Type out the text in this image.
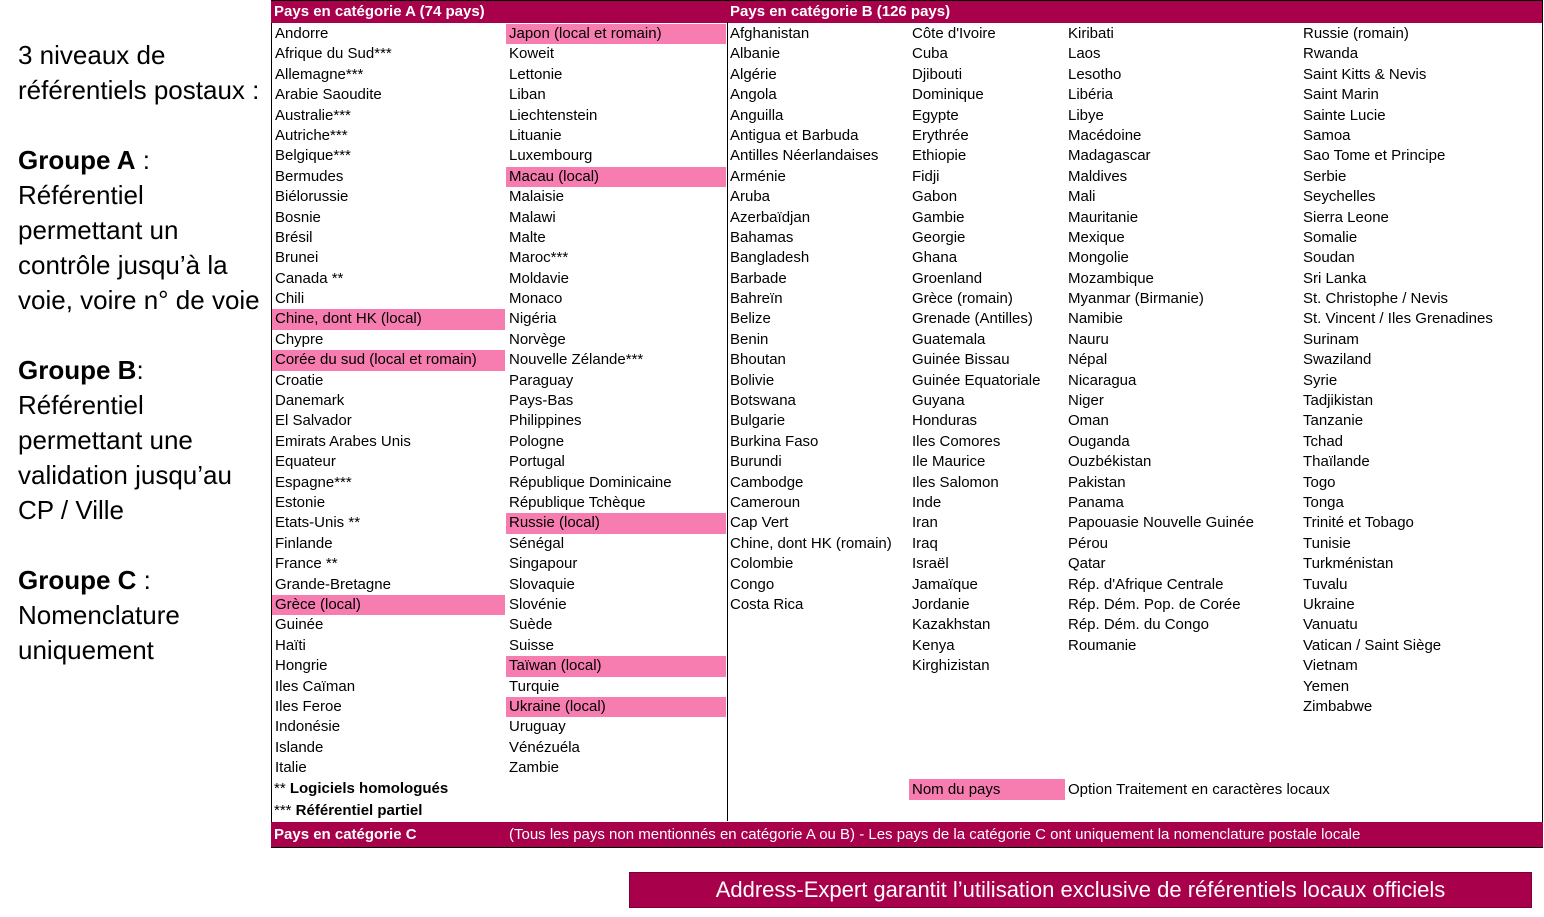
3 niveaux de référentiels postaux :
Groupe A : Référentiel permettant un contrôle jusqu’à la voie, voire n° de voie
Groupe B: Référentiel permettant une validation jusqu’au CP / Ville
Groupe C : Nomenclature uniquement
Pays en catégorie A (74 pays)	Pays en catégorie B (126 pays)
Andorre
Afrique du Sud***
Allemagne***
Arabie Saoudite
Australie***
Autriche***
Belgique***
Bermudes
Biélorussie
Bosnie
Brésil
Brunei
Canada **
Chili
Chine, dont HK (local)
Chypre
Corée du sud (local et romain)
Croatie
Danemark
El Salvador
Emirats Arabes Unis
Equateur
Espagne***
Estonie
Etats-Unis **
Finlande
France **
Grande-Bretagne
Grèce (local)
Guinée
Haïti
Hongrie
Iles Caïman
Iles Feroe
Indonésie
Islande
Italie
Japon (local et romain)
Koweit
Lettonie
Liban
Liechtenstein
Lituanie
Luxembourg
Macau (local)
Malaisie
Malawi
Malte
Maroc***
Moldavie
Monaco
Nigéria
Norvège
Nouvelle Zélande***
Paraguay
Pays-Bas
Philippines
Pologne
Portugal
République Dominicaine
République Tchèque
Russie (local)
Sénégal
Singapour
Slovaquie
Slovénie
Suède
Suisse
Taïwan (local)
Turquie
Ukraine (local)
Uruguay
Vénézuéla
Zambie
Afghanistan
Albanie
Algérie
Angola
Anguilla
Antigua et Barbuda
Antilles Néerlandaises
Arménie
Aruba
Azerbaïdjan
Bahamas
Bangladesh
Barbade
Bahreïn
Belize
Benin
Bhoutan
Bolivie
Botswana
Bulgarie
Burkina Faso
Burundi
Cambodge
Cameroun
Cap Vert
Chine, dont HK (romain)
Colombie
Congo
Costa Rica
Côte d'Ivoire
Cuba
Djibouti
Dominique
Egypte
Erythrée
Ethiopie
Fidji
Gabon
Gambie
Georgie
Ghana
Groenland
Grèce (romain)
Grenade (Antilles)
Guatemala
Guinée Bissau
Guinée Equatoriale
Guyana
Honduras
Iles Comores
Ile Maurice
Iles Salomon
Inde
Iran
Iraq
Israël
Jamaïque
Jordanie
Kazakhstan
Kenya
Kirghizistan
Kiribati
Laos
Lesotho
Libéria
Libye
Macédoine
Madagascar
Maldives
Mali
Mauritanie
Mexique
Mongolie
Mozambique
Myanmar (Birmanie)
Namibie
Nauru
Népal
Nicaragua
Niger
Oman
Ouganda
Ouzbékistan
Pakistan
Panama
Papouasie Nouvelle Guinée
Pérou
Qatar
Rép. d'Afrique Centrale
Rép. Dém. Pop. de Corée
Rép. Dém. du Congo
Roumanie
Russie (romain)
Rwanda
Saint Kitts & Nevis
Saint Marin
Sainte Lucie
Samoa
Sao Tome et Principe
Serbie
Seychelles
Sierra Leone
Somalie
Soudan
Sri Lanka
St. Christophe / Nevis
St. Vincent / Iles Grenadines
Surinam
Swaziland
Syrie
Tadjikistan
Tanzanie
Tchad
Thaïlande
Togo
Tonga
Trinité et Tobago
Tunisie
Turkménistan
Tuvalu
Ukraine
Vanuatu
Vatican / Saint Siège
Vietnam
Yemen
Zimbabwe
** Logiciels homologués
*** Référentiel partiel
Nom du pays	Option Traitement en caractères locaux
Pays en catégorie C	(Tous les pays non mentionnés en catégorie A ou B) - Les pays de la catégorie C ont uniquement la nomenclature postale locale
Address-Expert garantit l’utilisation exclusive de référentiels locaux officiels
